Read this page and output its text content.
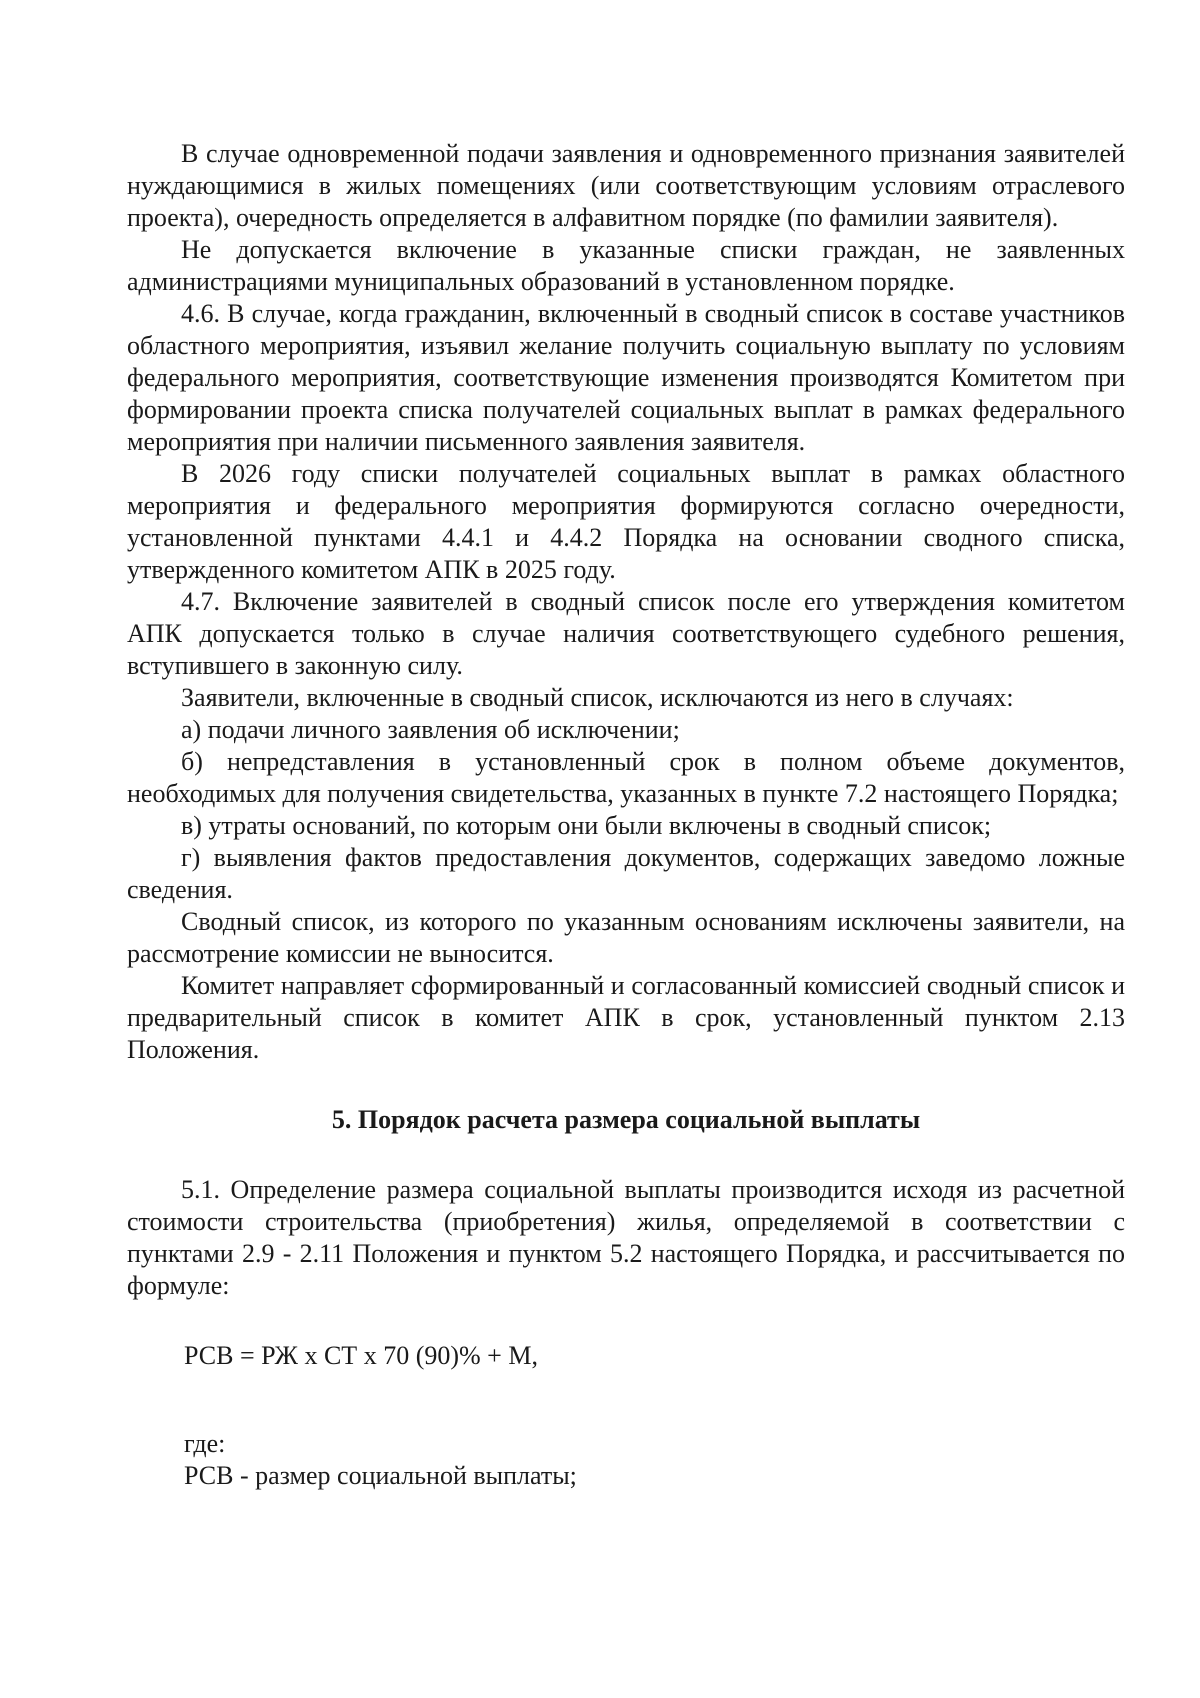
В случае одновременной подачи заявления и одновременного признания заявителей нуждающимися в жилых помещениях (или соответствующим условиям отраслевого проекта), очередность определяется в алфавитном порядке (по фамилии заявителя).

Не допускается включение в указанные списки граждан, не заявленных администрациями муниципальных образований в установленном порядке.

4.6. В случае, когда гражданин, включенный в сводный список в составе участников областного мероприятия, изъявил желание получить социальную выплату по условиям федерального мероприятия, соответствующие изменения производятся Комитетом при формировании проекта списка получателей социальных выплат в рамках федерального мероприятия при наличии письменного заявления заявителя.

В 2026 году списки получателей социальных выплат в рамках областного мероприятия и федерального мероприятия формируются согласно очередности, установленной пунктами 4.4.1 и 4.4.2 Порядка на основании сводного списка, утвержденного комитетом АПК в 2025 году.

4.7. Включение заявителей в сводный список после его утверждения комитетом АПК допускается только в случае наличия соответствующего судебного решения, вступившего в законную силу.

Заявители, включенные в сводный список, исключаются из него в случаях:

а) подачи личного заявления об исключении;

б) непредставления в установленный срок в полном объеме документов, необходимых для получения свидетельства, указанных в пункте 7.2 настоящего Порядка;

в) утраты оснований, по которым они были включены в сводный список;

г) выявления фактов предоставления документов, содержащих заведомо ложные сведения.

Сводный список, из которого по указанным основаниям исключены заявители, на рассмотрение комиссии не выносится.

Комитет направляет сформированный и согласованный комиссией сводный список и предварительный список в комитет АПК в срок, установленный пунктом 2.13 Положения.

5. Порядок расчета размера социальной выплаты

5.1. Определение размера социальной выплаты производится исходя из расчетной стоимости строительства (приобретения) жилья, определяемой в соответствии с пунктами 2.9 - 2.11 Положения и пунктом 5.2 настоящего Порядка, и рассчитывается по формуле:

РСВ = РЖ х СТ х 70 (90)% + М,

где:

РСВ - размер социальной выплаты;
